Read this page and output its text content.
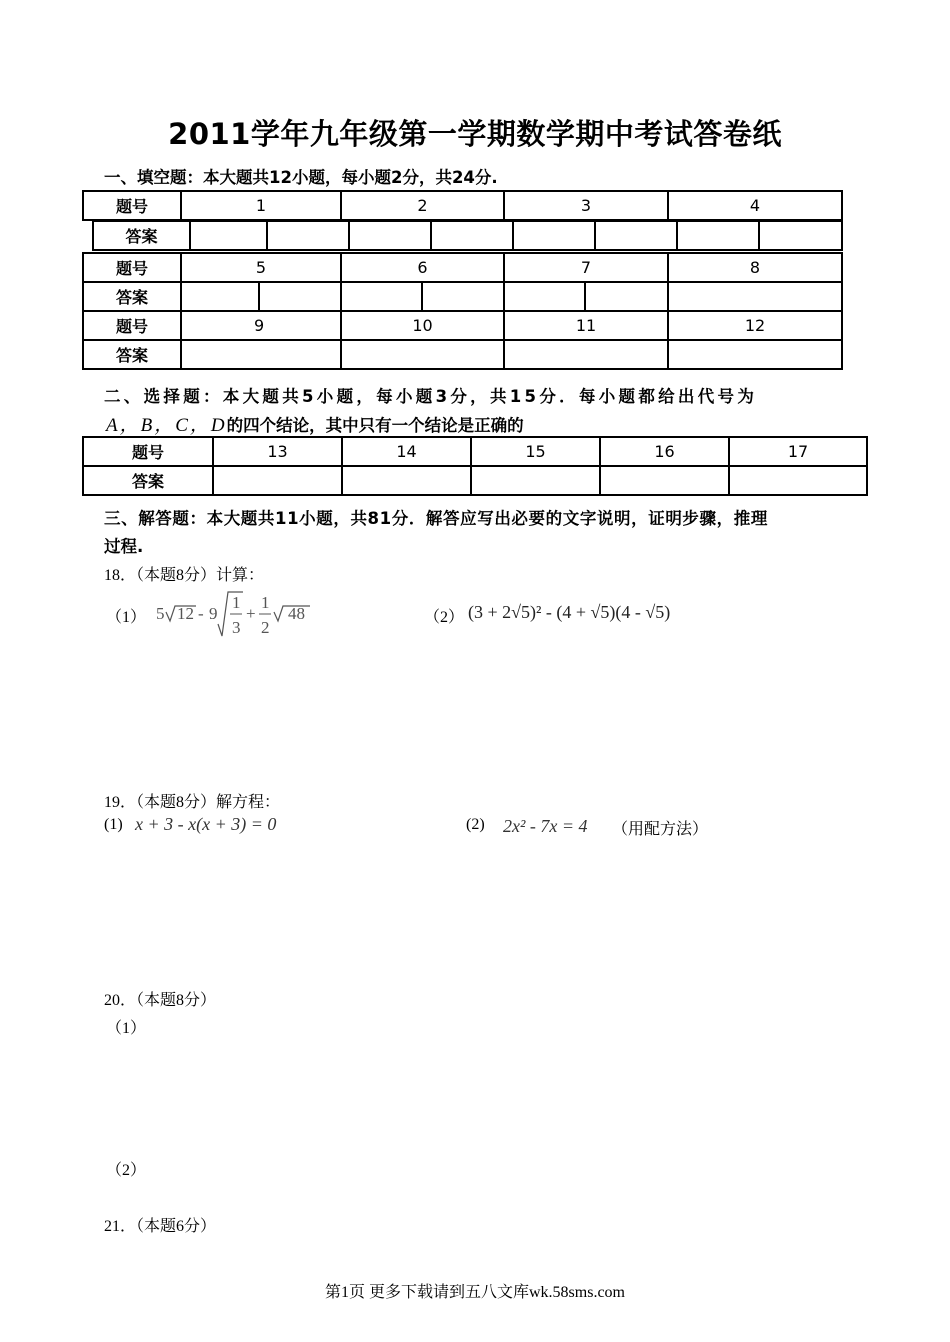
2011学年九年级第一学期数学期中考试答卷纸
一、填空题：本大题共12小题，每小题2分，共24分.
题号	1	2	3	4
答案								
题号	5		6		7		8
答案							
题号	9		10		11		12
答案							
二、选择题：本大题共5小题，每小题3分，共15分．每小题都给出代号为
A，B，C，D的四个结论，其中只有一个结论是正确的
题号	13	14	15	16	17
答案					
三、解答题：本大题共11小题，共81分．解答应写出必要的文字说明，证明步骤，推理
过程.
18．（本题8分）计算：
（1） 5 12 - 9
1
3
+
1
2
48	（2） (3 + 2√5)² - (4 + √5)(4 - √5)
19．（本题8分）解方程：
(1) x + 3 - x(x + 3) = 0	(2) 2x² - 7x = 4 （用配方法）
20．（本题8分）
（1）
（2）
21．（本题6分）
第1页 更多下载请到五八文库wk.58sms.com
